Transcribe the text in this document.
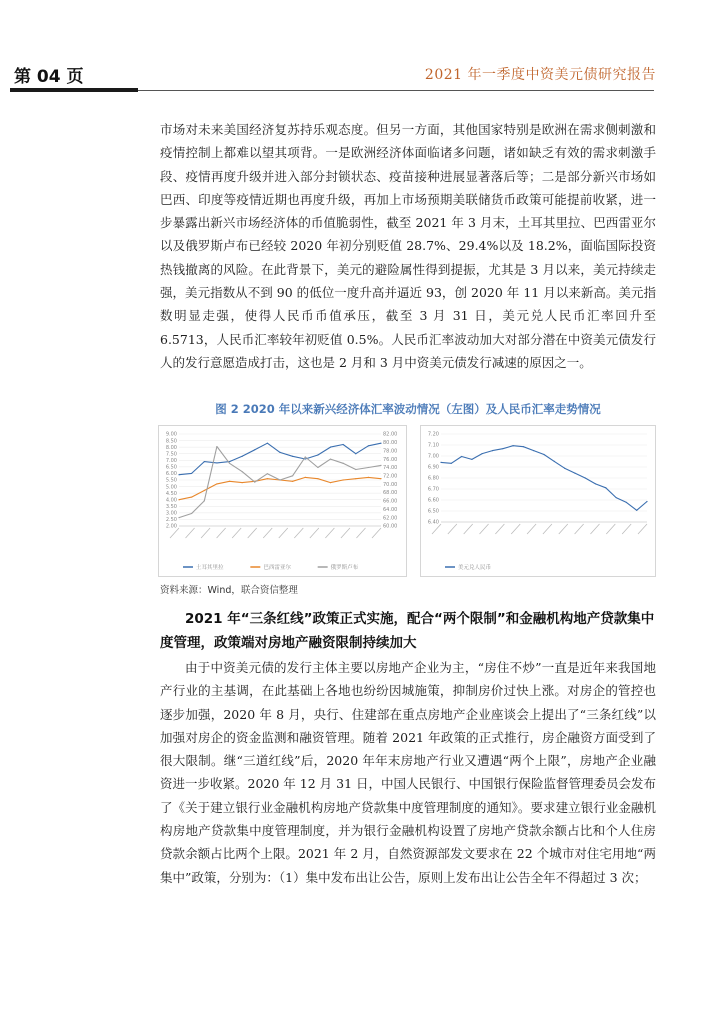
第 04 页	2021 年一季度中资美元债研究报告

市场对未来美国经济复苏持乐观态度。但另一方面，其他国家特别是欧洲在需求侧刺激和疫情控制上都难以望其项背。一是欧洲经济体面临诸多问题，诸如缺乏有效的需求刺激手段、疫情再度升级并进入部分封锁状态、疫苗接种进展显著落后等；二是部分新兴市场如巴西、印度等疫情近期也再度升级，再加上市场预期美联储货币政策可能提前收紧，进一步暴露出新兴市场经济体的币值脆弱性，截至 2021 年 3 月末，土耳其里拉、巴西雷亚尔以及俄罗斯卢布已经较 2020 年初分别贬值 28.7%、29.4%以及 18.2%，面临国际投资热钱撤离的风险。在此背景下，美元的避险属性得到提振，尤其是 3 月以来，美元持续走强，美元指数从不到 90 的低位一度升高并逼近 93，创 2020 年 11 月以来新高。美元指数明显走强，使得人民币币值承压，截至 3 月 31 日，美元兑人民币汇率回升至 6.5713，人民币汇率较年初贬值 0.5%。人民币汇率波动加大对部分潜在中资美元债发行人的发行意愿造成打击，这也是 2 月和 3 月中资美元债发行减速的原因之一。

图 2 2020 年以来新兴经济体汇率波动情况（左图）及人民币汇率走势情况
9.00
8.50
8.00
7.50
7.00
6.50
6.00
5.50
5.00
4.50
4.00
3.50
3.00
2.50
2.00
82.00
80.00
78.00
76.00
74.00
72.00
70.00
68.00
66.00
64.00
62.00
60.00
土耳其里拉	巴西雷亚尔	俄罗斯卢布
7.20
7.10
7.00
6.90
6.80
6.70
6.60
6.50
6.40
美元兑人民币
资料来源：Wind，联合资信整理

2021 年“三条红线”政策正式实施，配合“两个限制”和金融机构地产贷款集中度管理，政策端对房地产融资限制持续加大

由于中资美元债的发行主体主要以房地产企业为主，“房住不炒”一直是近年来我国地产行业的主基调，在此基础上各地也纷纷因城施策，抑制房价过快上涨。对房企的管控也逐步加强，2020 年 8 月，央行、住建部在重点房地产企业座谈会上提出了“三条红线”以加强对房企的资金监测和融资管理。随着 2021 年政策的正式推行，房企融资方面受到了很大限制。继“三道红线”后，2020 年年末房地产行业又遭遇“两个上限”，房地产企业融资进一步收紧。2020 年 12 月 31 日，中国人民银行、中国银行保险监督管理委员会发布了《关于建立银行业金融机构房地产贷款集中度管理制度的通知》。要求建立银行业金融机构房地产贷款集中度管理制度，并为银行金融机构设置了房地产贷款余额占比和个人住房贷款余额占比两个上限。2021 年 2 月，自然资源部发文要求在 22 个城市对住宅用地“两集中”政策，分别为：（1）集中发布出让公告，原则上发布出让公告全年不得超过 3 次；
